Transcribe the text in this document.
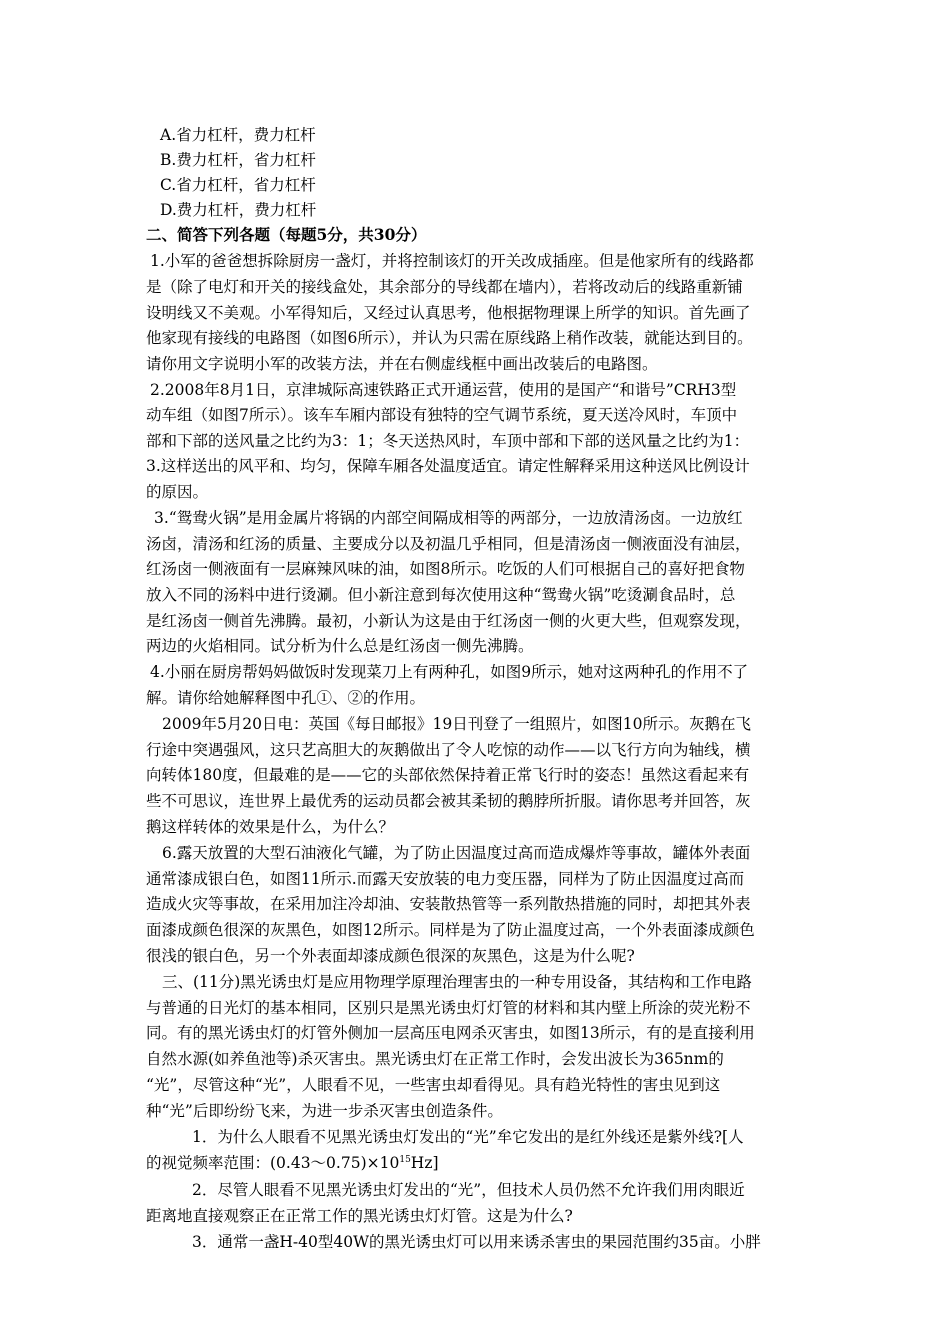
A.省力杠杆，费力杠杆
B.费力杠杆，省力杠杆
C.省力杠杆，省力杠杆
D.费力杠杆，费力杠杆
二、简答下列各题（每题5分，共30分）
1.小军的爸爸想拆除厨房一盏灯，并将控制该灯的开关改成插座。但是他家所有的线路都
是（除了电灯和开关的接线盒处，其余部分的导线都在墙内），若将改动后的线路重新铺
设明线又不美观。小军得知后，又经过认真思考，他根据物理课上所学的知识。首先画了
他家现有接线的电路图（如图6所示），并认为只需在原线路上稍作改装，就能达到目的。
请你用文字说明小军的改装方法，并在右侧虚线框中画出改装后的电路图。
2.2008年8月1日，京津城际高速铁路正式开通运营，使用的是国产“和谐号”CRH3型
动车组（如图7所示）。该车车厢内部设有独特的空气调节系统，夏天送冷风时，车顶中
部和下部的送风量之比约为3：1；冬天送热风时，车顶中部和下部的送风量之比约为1：
3.这样送出的风平和、均匀，保障车厢各处温度适宜。请定性解释采用这种送风比例设计
的原因。
3.“鸳鸯火锅”是用金属片将锅的内部空间隔成相等的两部分，一边放清汤卤。一边放红
汤卤，清汤和红汤的质量、主要成分以及初温几乎相同，但是清汤卤一侧液面没有油层，
红汤卤一侧液面有一层麻辣风味的油，如图8所示。吃饭的人们可根据自己的喜好把食物
放入不同的汤料中进行烫涮。但小新注意到每次使用这种“鸳鸯火锅”吃烫涮食品时，总
是红汤卤一侧首先沸腾。最初，小新认为这是由于红汤卤一侧的火更大些，但观察发现，
两边的火焰相同。试分析为什么总是红汤卤一侧先沸腾。
4.小丽在厨房帮妈妈做饭时发现菜刀上有两种孔，如图9所示，她对这两种孔的作用不了
解。请你给她解释图中孔①、②的作用。
2009年5月20日电：英国《每日邮报》19日刊登了一组照片，如图10所示。灰鹅在飞
行途中突遇强风，这只艺高胆大的灰鹅做出了令人吃惊的动作——以飞行方向为轴线，横
向转体180度，但最难的是——它的头部依然保持着正常飞行时的姿态！虽然这看起来有
些不可思议，连世界上最优秀的运动员都会被其柔韧的鹅脖所折服。请你思考并回答，灰
鹅这样转体的效果是什么，为什么？
6.露天放置的大型石油液化气罐，为了防止因温度过高而造成爆炸等事故，罐体外表面
通常漆成银白色，如图11所示.而露天安放装的电力变压器，同样为了防止因温度过高而
造成火灾等事故，在采用加注冷却油、安装散热管等一系列散热措施的同时，却把其外表
面漆成颜色很深的灰黑色，如图12所示。同样是为了防止温度过高，一个外表面漆成颜色
很浅的银白色，另一个外表面却漆成颜色很深的灰黑色，这是为什么呢?
三、(11分)黑光诱虫灯是应用物理学原理治理害虫的一种专用设备，其结构和工作电路
与普通的日光灯的基本相同，区别只是黑光诱虫灯灯管的材料和其内壁上所涂的荧光粉不
同。有的黑光诱虫灯的灯管外侧加一层高压电网杀灭害虫，如图13所示，有的是直接利用
自然水源(如养鱼池等)杀灭害虫。黑光诱虫灯在正常工作时，会发出波长为365nm的
“光”，尽管这种“光”，人眼看不见，一些害虫却看得见。具有趋光特性的害虫见到这
种“光”后即纷纷飞来，为进一步杀灭害虫创造条件。
1．为什么人眼看不见黑光诱虫灯发出的“光”牟它发出的是红外线还是紫外线?[人
的视觉频率范围：$(0.43\sim 0.75)\times 10^{15}Hz$]
2．尽管人眼看不见黑光诱虫灯发出的“光”，但技术人员仍然不允许我们用肉眼近
距离地直接观察正在正常工作的黑光诱虫灯灯管。这是为什么?
3．通常一盏H-40型40W的黑光诱虫灯可以用来诱杀害虫的果园范围约35亩。小胖
